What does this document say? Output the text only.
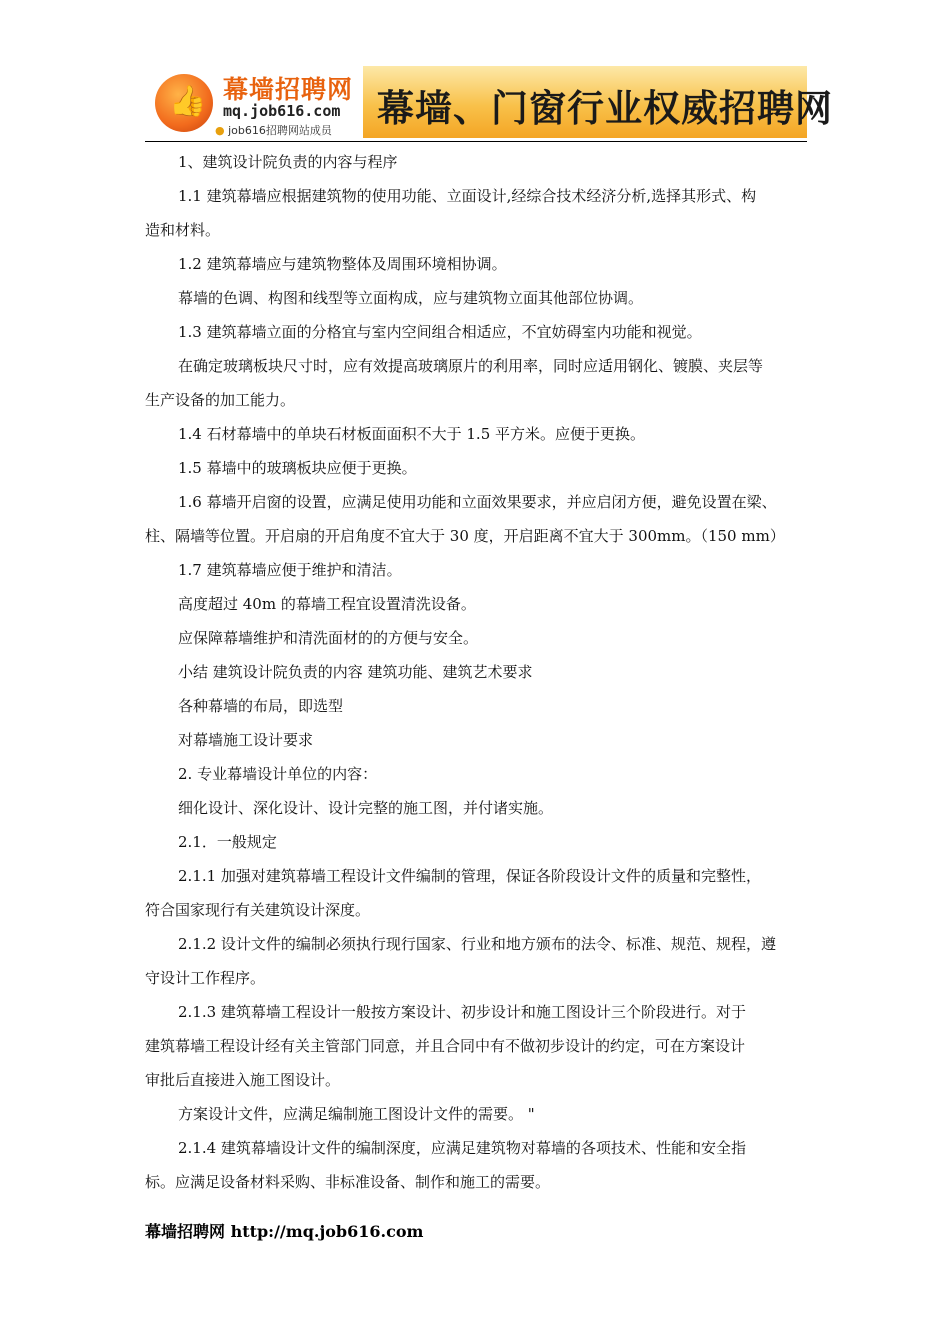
👍 幕墙招聘网
mq.job616.com
● job616招聘网站成员
幕墙、门窗行业权威招聘网

1、建筑设计院负责的内容与程序

1.1 建筑幕墙应根据建筑物的使用功能、立面设计,经综合技术经济分析,选择其形式、构

造和材料。

1.2 建筑幕墙应与建筑物整体及周围环境相协调。

幕墙的色调、构图和线型等立面构成，应与建筑物立面其他部位协调。

1.3 建筑幕墙立面的分格宜与室内空间组合相适应，不宜妨碍室内功能和视觉。

在确定玻璃板块尺寸时，应有效提高玻璃原片的利用率，同时应适用钢化、镀膜、夹层等

生产设备的加工能力。

1.4 石材幕墙中的单块石材板面面积不大于 1.5 平方米。应便于更换。

1.5 幕墙中的玻璃板块应便于更换。

1.6 幕墙开启窗的设置，应满足使用功能和立面效果要求，并应启闭方便，避免设置在梁、

柱、隔墙等位置。开启扇的开启角度不宜大于 30 度，开启距离不宜大于 300mm。（150 mm）

1.7 建筑幕墙应便于维护和清洁。

高度超过 40m 的幕墙工程宜设置清洗设备。

应保障幕墙维护和清洗面材的的方便与安全。

小结 建筑设计院负责的内容 建筑功能、建筑艺术要求

各种幕墙的布局，即选型

对幕墙施工设计要求

2. 专业幕墙设计单位的内容：

细化设计、深化设计、设计完整的施工图，并付诸实施。

2.1．一般规定

2.1.1 加强对建筑幕墙工程设计文件编制的管理，保证各阶段设计文件的质量和完整性，

符合国家现行有关建筑设计深度。

2.1.2 设计文件的编制必须执行现行国家、行业和地方颁布的法令、标准、规范、规程，遵

守设计工作程序。

2.1.3 建筑幕墙工程设计一般按方案设计、初步设计和施工图设计三个阶段进行。对于

建筑幕墙工程设计经有关主管部门同意，并且合同中有不做初步设计的约定，可在方案设计

审批后直接进入施工图设计。

方案设计文件，应满足编制施工图设计文件的需要。 "

2.1.4 建筑幕墙设计文件的编制深度，应满足建筑物对幕墙的各项技术、性能和安全指

标。应满足设备材料采购、非标准设备、制作和施工的需要。

幕墙招聘网 http://mq.job616.com
